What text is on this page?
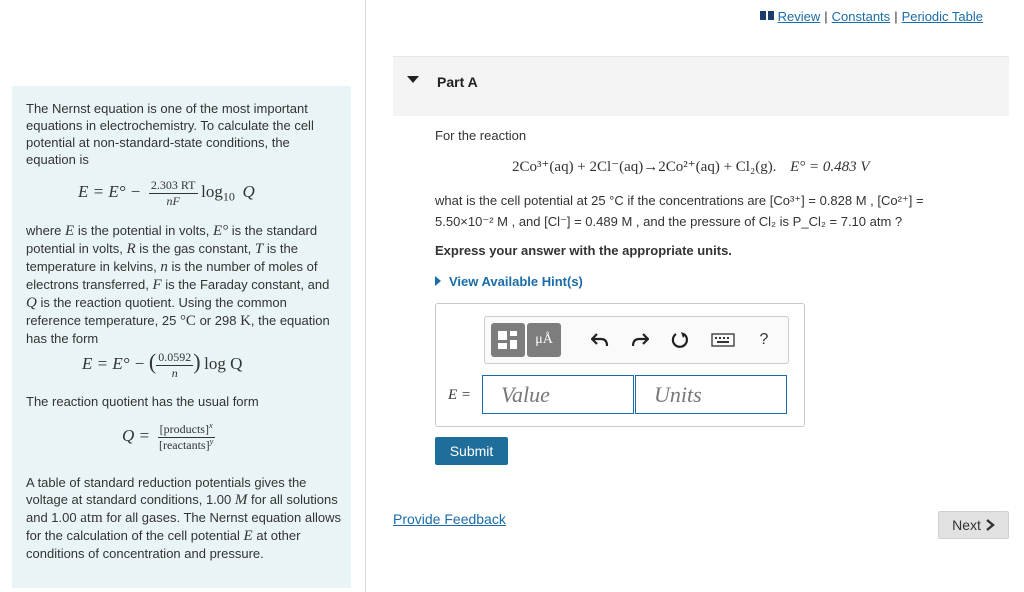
Review | Constants | Periodic Table

The Nernst equation is one of the most important equations in electrochemistry. To calculate the cell potential at non-standard-state conditions, the equation is

$E = E^\circ - \frac{2.303 RT}{nF} \log_{10} Q$

where E is the potential in volts, E° is the standard potential in volts, R is the gas constant, T is the temperature in kelvins, n is the number of moles of electrons transferred, F is the Faraday constant, and Q is the reaction quotient. Using the common reference temperature, 25 °C or 298 K, the equation has the form

E = E° − ( $\frac{0.0592}{n}$ ) log Q

The reaction quotient has the usual form

$Q = \frac{[products]^x}{[reactants]^y}$

A table of standard reduction potentials gives the voltage at standard conditions, 1.00 M for all solutions and 1.00 atm for all gases. The Nernst equation allows for the calculation of the cell potential E at other conditions of concentration and pressure.

Part A
For the reaction
2Co³⁺(aq) + 2Cl⁻(aq)→2Co²⁺(aq) + Cl₂(g). E° = 0.483 V
what is the cell potential at 25 °C if the concentrations are [Co³⁺] = 0.828 M , [Co²⁺] =
5.50×10⁻² M , and [Cl⁻] = 0.489 M , and the pressure of Cl₂ is P_Cl₂ = 7.10 atm ?
Express your answer with the appropriate units.
View Available Hint(s)
μÅ	?
E =	Value	Units
Submit
Provide Feedback	Next
